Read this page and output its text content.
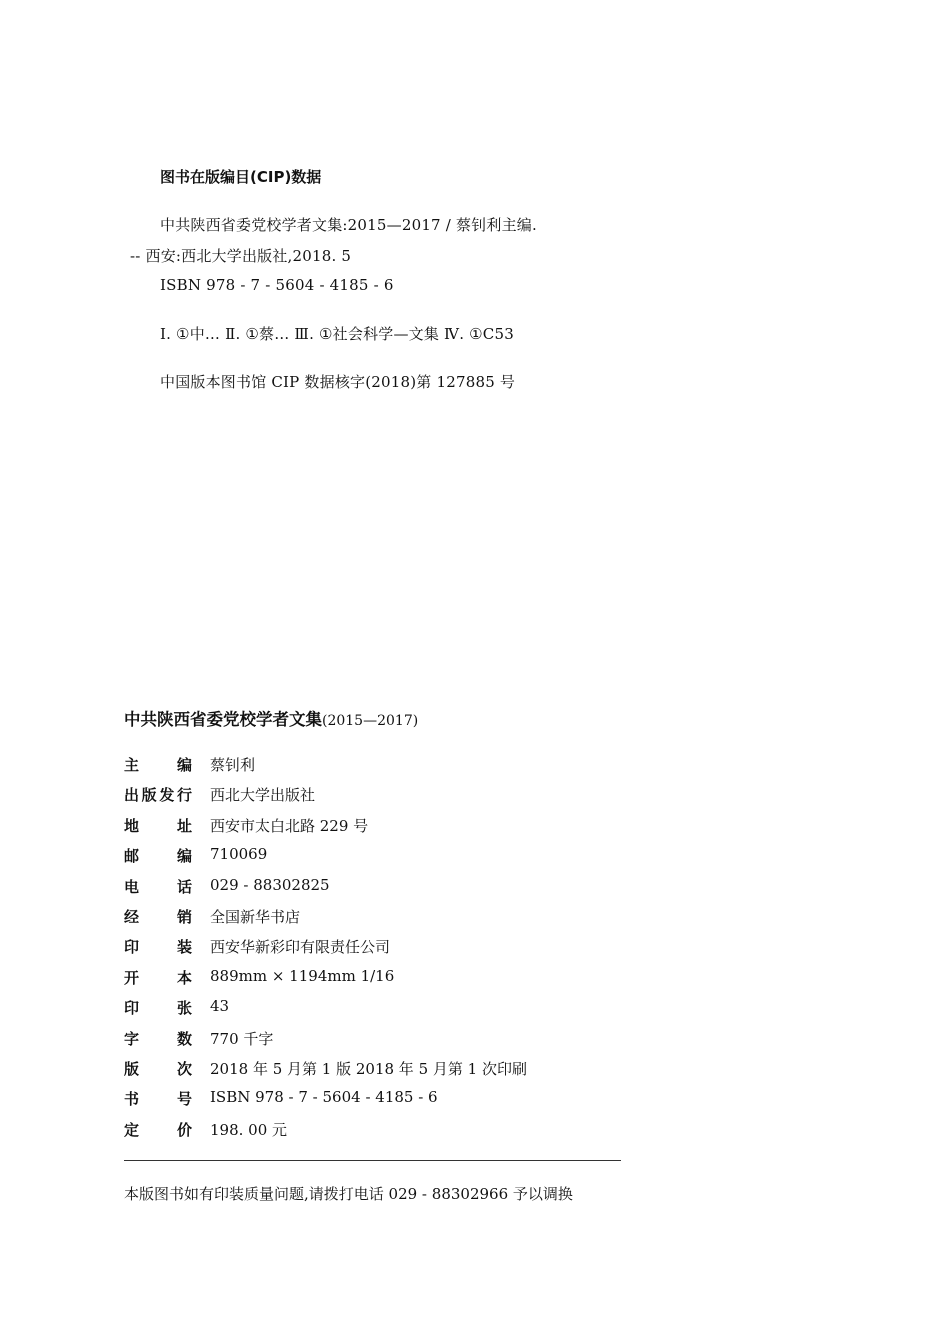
图书在版编目(CIP)数据
中共陕西省委党校学者文集:2015—2017 / 蔡钊利主编.
-- 西安:西北大学出版社,2018. 5
ISBN 978 - 7 - 5604 - 4185 - 6
Ⅰ. ①中… Ⅱ. ①蔡… Ⅲ. ①社会科学—文集 Ⅳ. ①C53
中国版本图书馆 CIP 数据核字(2018)第 127885 号
中共陕西省委党校学者文集(2015—2017)
主编 蔡钊利
出版发行 西北大学出版社
地址 西安市太白北路 229 号
邮编 710069
电话 029 - 88302825
经销 全国新华书店
印装 西安华新彩印有限责任公司
开本 889mm × 1194mm 1/16
印张 43
字数 770 千字
版次 2018 年 5 月第 1 版 2018 年 5 月第 1 次印刷
书号 ISBN 978 - 7 - 5604 - 4185 - 6
定价 198. 00 元
本版图书如有印装质量问题,请拨打电话 029 - 88302966 予以调换
